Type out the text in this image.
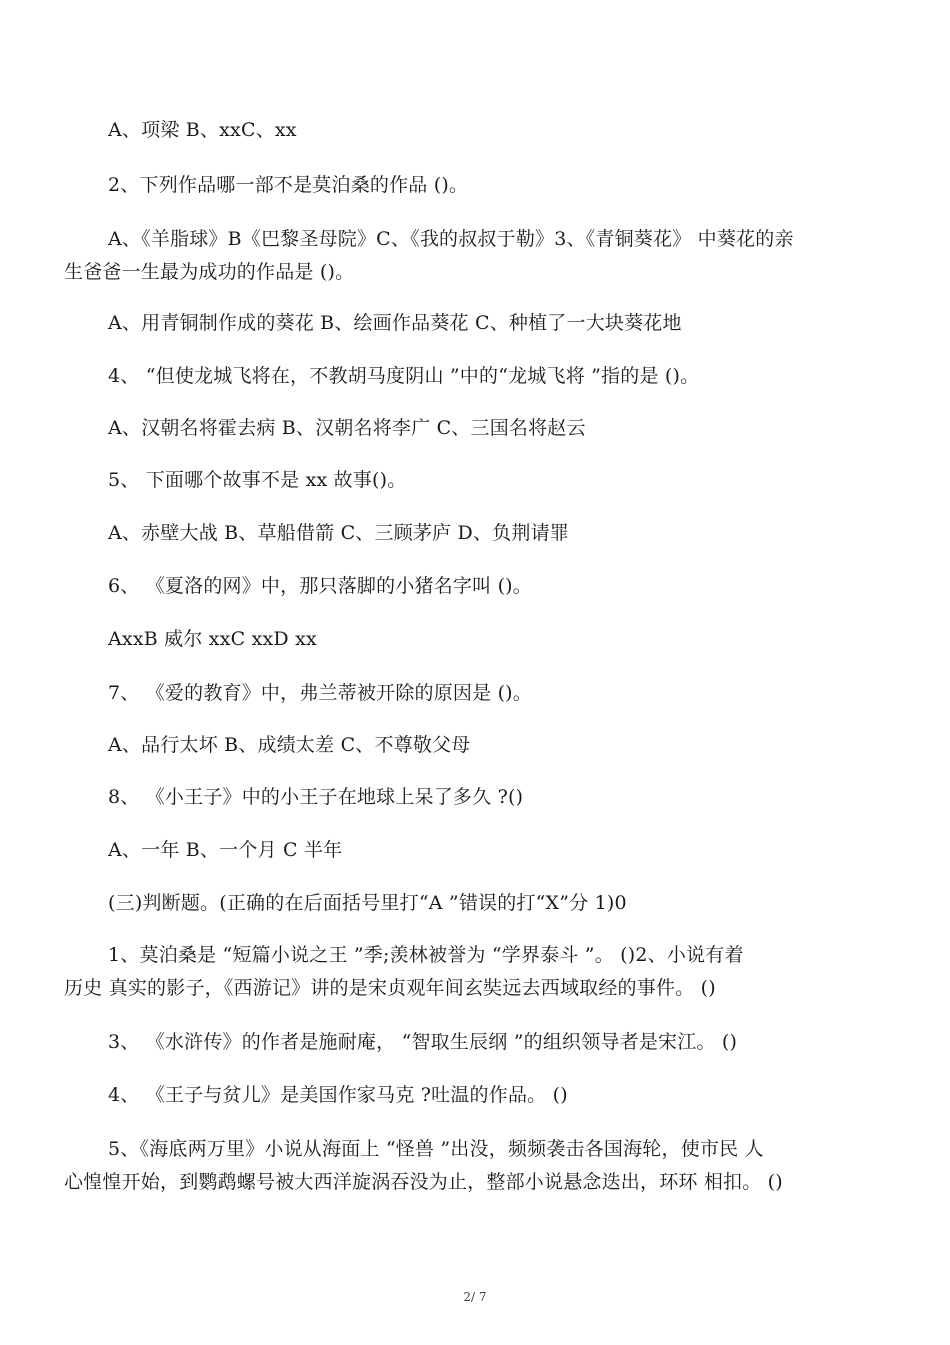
A、项梁 B、xxC、xx
2、下列作品哪一部不是莫泊桑的作品 ()。
A、《羊脂球》B《巴黎圣母院》C、《我的叔叔于勒》3、《青铜葵花》 中葵花的亲
生爸爸一生最为成功的作品是 ()。
A、用青铜制作成的葵花 B、绘画作品葵花 C、种植了一大块葵花地
4、 “但使龙城飞将在，不教胡马度阴山 ”中的“龙城飞将 ”指的是 ()。
A、汉朝名将霍去病 B、汉朝名将李广 C、三国名将赵云
5、 下面哪个故事不是 xx 故事()。
A、赤壁大战 B、草船借箭 C、三顾茅庐 D、负荆请罪
6、 《夏洛的网》中，那只落脚的小猪名字叫 ()。
AxxB 威尔 xxC xxD xx
7、 《爱的教育》中，弗兰蒂被开除的原因是 ()。
A、品行太坏 B、成绩太差 C、不尊敬父母
8、 《小王子》中的小王子在地球上呆了多久 ?()
A、一年 B、一个月 C 半年
(三)判断题。(正确的在后面括号里打“A ”错误的打“X”分 1)0
1、莫泊桑是 “短篇小说之王 ”季;羡林被誉为 “学界泰斗 ”。 ()2、小说有着
历史 真实的影子，《西游记》讲的是宋贞观年间玄奘远去西域取经的事件。 ()
3、 《水浒传》的作者是施耐庵， “智取生辰纲 ”的组织领导者是宋江。 ()
4、 《王子与贫儿》是美国作家马克 ?吐温的作品。 ()
5、《海底两万里》小说从海面上 “怪兽 ”出没，频频袭击各国海轮，使市民 人
心惶惶开始，到鹦鹉螺号被大西洋旋涡吞没为止，整部小说悬念迭出，环环 相扣。 ()
2/ 7
